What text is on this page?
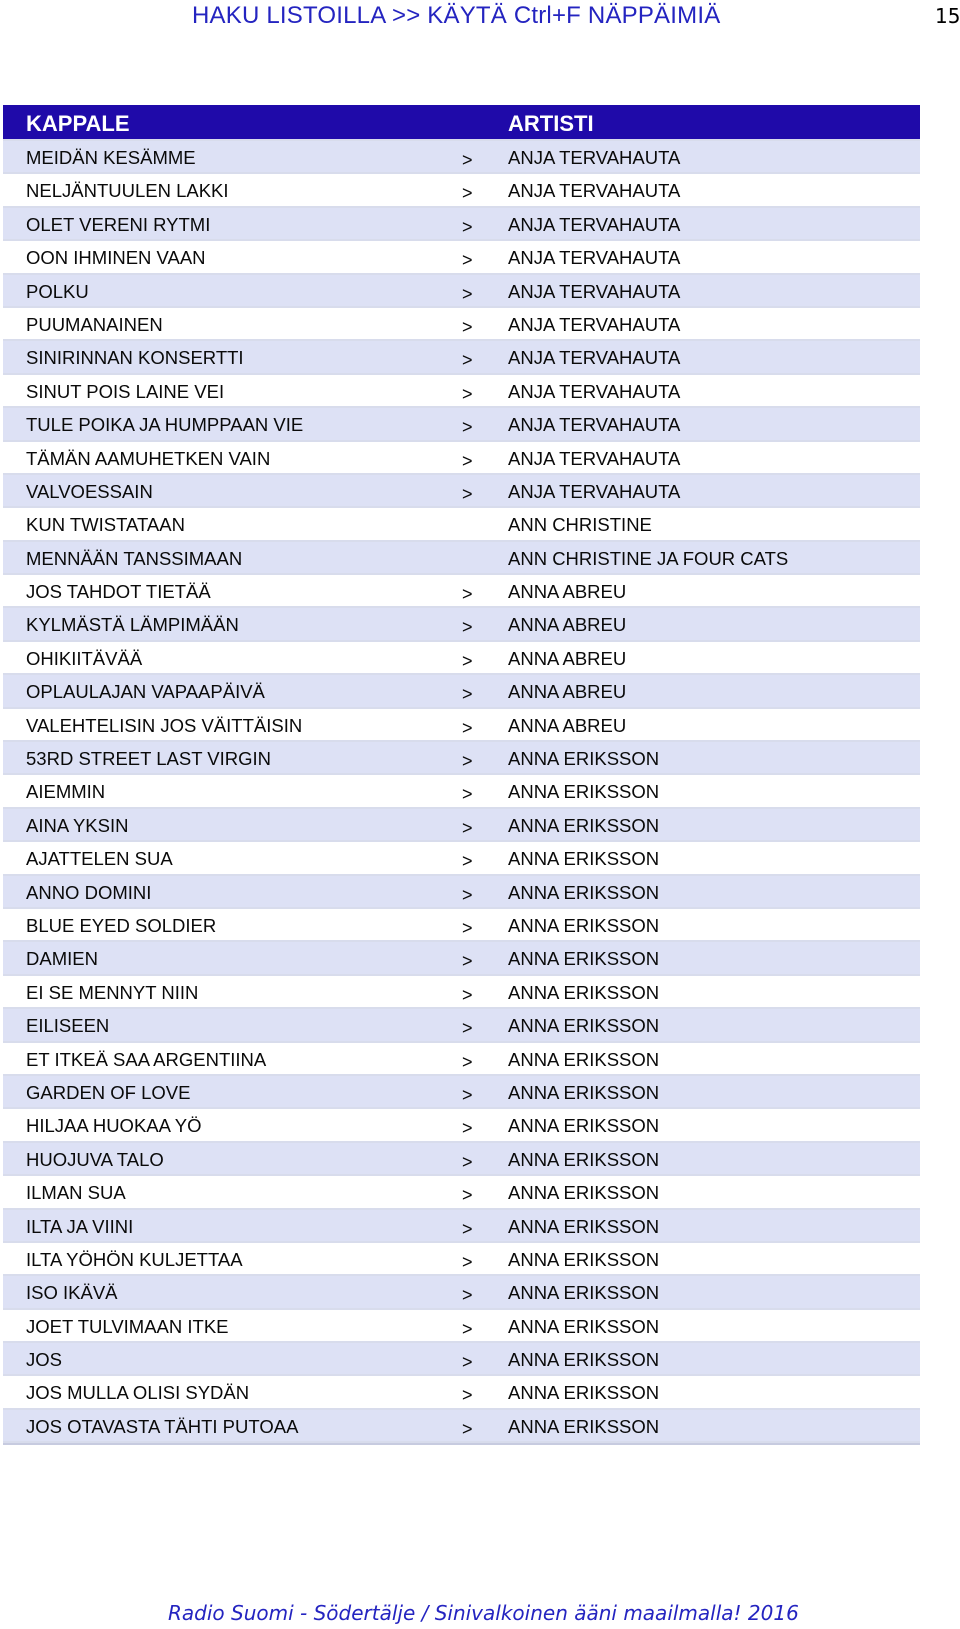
HAKU LISTOILLA >> KÄYTÄ Ctrl+F NÄPPÄIMIÄ	15
KAPPALE	ARTISTI
MEIDÄN KESÄMME	> ANJA TERVAHAUTA
NELJÄNTUULEN LAKKI	> ANJA TERVAHAUTA
OLET VERENI RYTMI	> ANJA TERVAHAUTA
OON IHMINEN VAAN	> ANJA TERVAHAUTA
POLKU	> ANJA TERVAHAUTA
PUUMANAINEN	> ANJA TERVAHAUTA
SINIRINNAN KONSERTTI	> ANJA TERVAHAUTA
SINUT POIS LAINE VEI	> ANJA TERVAHAUTA
TULE POIKA JA HUMPPAAN VIE	> ANJA TERVAHAUTA
TÄMÄN AAMUHETKEN VAIN	> ANJA TERVAHAUTA
VALVOESSAIN	> ANJA TERVAHAUTA
KUN TWISTATAAN	ANN CHRISTINE
MENNÄÄN TANSSIMAAN	ANN CHRISTINE JA FOUR CATS
JOS TAHDOT TIETÄÄ	> ANNA ABREU
KYLMÄSTÄ LÄMPIMÄÄN	> ANNA ABREU
OHIKIITÄVÄÄ	> ANNA ABREU
OPLAULAJAN VAPAAPÄIVÄ	> ANNA ABREU
VALEHTELISIN JOS VÄITTÄISIN	> ANNA ABREU
53RD STREET LAST VIRGIN	> ANNA ERIKSSON
AIEMMIN	> ANNA ERIKSSON
AINA YKSIN	> ANNA ERIKSSON
AJATTELEN SUA	> ANNA ERIKSSON
ANNO DOMINI	> ANNA ERIKSSON
BLUE EYED SOLDIER	> ANNA ERIKSSON
DAMIEN	> ANNA ERIKSSON
EI SE MENNYT NIIN	> ANNA ERIKSSON
EILISEEN	> ANNA ERIKSSON
ET ITKEÄ SAA ARGENTIINA	> ANNA ERIKSSON
GARDEN OF LOVE	> ANNA ERIKSSON
HILJAA HUOKAA YÖ	> ANNA ERIKSSON
HUOJUVA TALO	> ANNA ERIKSSON
ILMAN SUA	> ANNA ERIKSSON
ILTA JA VIINI	> ANNA ERIKSSON
ILTA YÖHÖN KULJETTAA	> ANNA ERIKSSON
ISO IKÄVÄ	> ANNA ERIKSSON
JOET TULVIMAAN ITKE	> ANNA ERIKSSON
JOS	> ANNA ERIKSSON
JOS MULLA OLISI SYDÄN	> ANNA ERIKSSON
JOS OTAVASTA TÄHTI PUTOAA	> ANNA ERIKSSON
Radio Suomi - Södertälje / Sinivalkoinen ääni maailmalla! 2016
